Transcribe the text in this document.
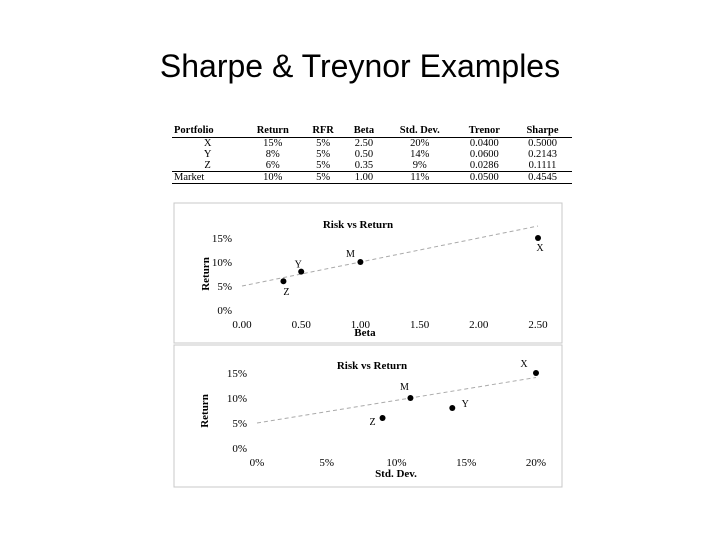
Sharpe & Treynor Examples
Portfolio	Return	RFR	Beta	Std. Dev.	Trenor	Sharpe
X	15%	5%	2.50	20%	0.0400	0.5000
Y	8%	5%	0.50	14%	0.0600	0.2143
Z	6%	5%	0.35	9%	0.0286	0.1111
Market	10%	5%	1.00	11%	0.0500	0.4545
Risk vs Return
Beta
Return
0%
5%
10%
15%
0.00	0.50	1.00	1.50	2.00	2.50
X
Y
Z
M
Risk vs Return
Std. Dev.
Return
0%
5%
10%
15%
0%	5%	10%	15%	20%
X
Y
Z
M
